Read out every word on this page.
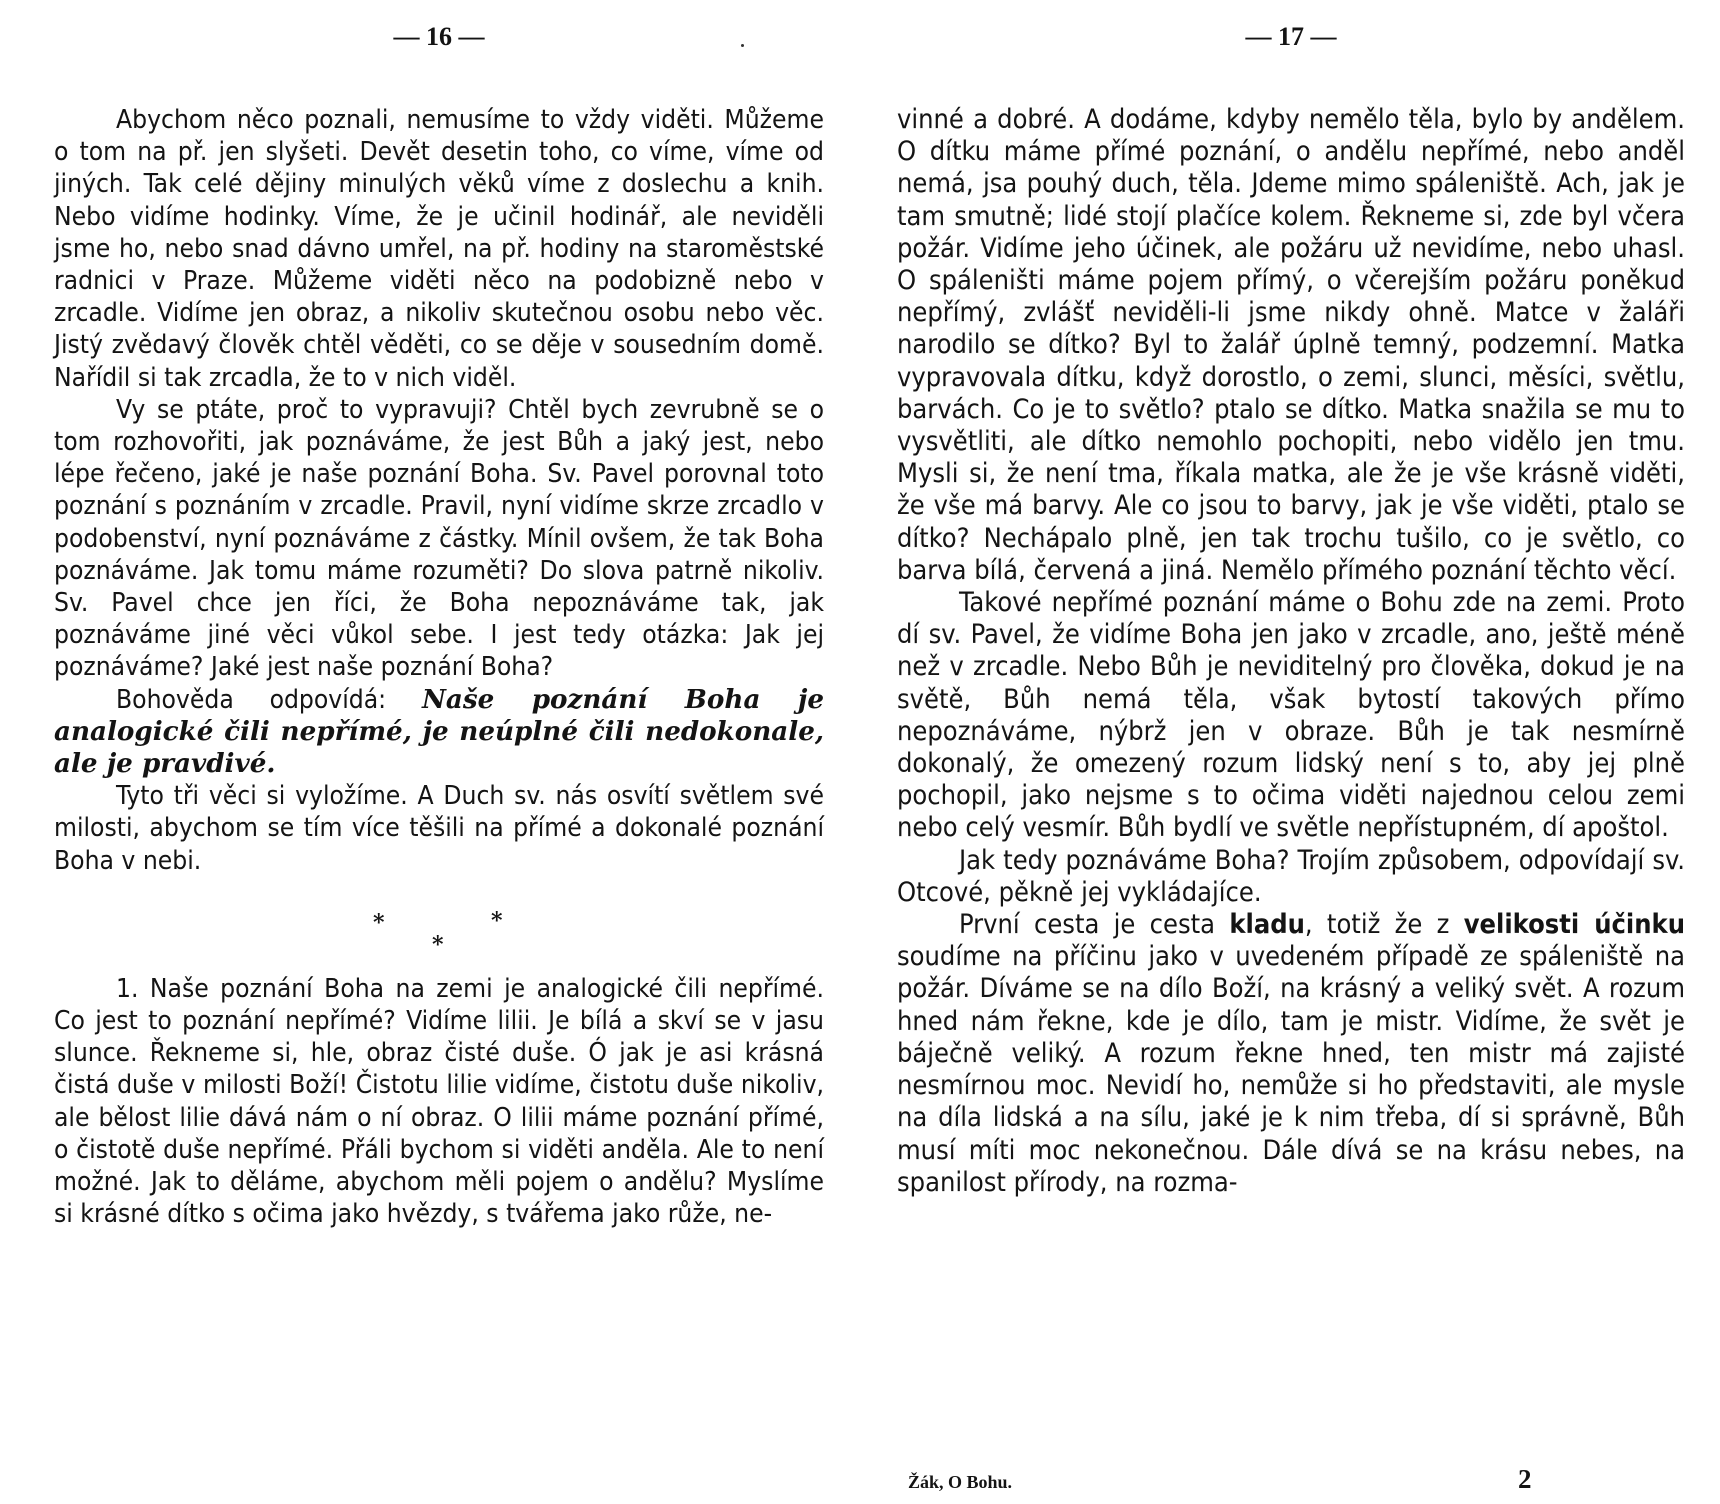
— 16 —

Abychom něco poznali, nemusíme to vždy viděti. Můžeme o tom na př. jen slyšeti. Devět desetin toho, co víme, víme od jiných. Tak celé dějiny minulých věků víme z doslechu a knih. Nebo vidíme hodinky. Víme, že je učinil hodinář, ale neviděli jsme ho, nebo snad dávno umřel, na př. hodiny na staroměstské radnici v Praze. Můžeme viděti něco na podobizně nebo v zrcadle. Vidíme jen obraz, a nikoliv skutečnou osobu nebo věc. Jistý zvědavý člověk chtěl věděti, co se děje v sousedním domě. Nařídil si tak zrcadla, že to v nich viděl.

Vy se ptáte, proč to vypravuji? Chtěl bych zevrubně se o tom rozhovořiti, jak poznáváme, že jest Bůh a jaký jest, nebo lépe řečeno, jaké je naše poznání Boha. Sv. Pavel porovnal toto poznání s poznáním v zrcadle. Pravil, nyní vidíme skrze zrcadlo v podobenství, nyní poznáváme z částky. Mínil ovšem, že tak Boha poznáváme. Jak tomu máme rozuměti? Do slova patrně nikoliv. Sv. Pavel chce jen říci, že Boha nepoznáváme tak, jak poznáváme jiné věci vůkol sebe. I jest tedy otázka: Jak jej poznáváme? Jaké jest naše poznání Boha?

Bohověda odpovídá: Naše poznání Boha je analogické čili nepřímé, je neúplné čili nedokonale, ale je pravdivé.

Tyto tři věci si vyložíme. A Duch sv. nás osvítí světlem své milosti, abychom se tím více těšili na přímé a dokonalé poznání Boha v nebi.

*	*
*

1. Naše poznání Boha na zemi je analogické čili nepřímé. Co jest to poznání nepřímé? Vidíme lilii. Je bílá a skví se v jasu slunce. Řekneme si, hle, obraz čisté duše. Ó jak je asi krásná čistá duše v milosti Boží! Čistotu lilie vidíme, čistotu duše nikoliv, ale bělost lilie dává nám o ní obraz. O lilii máme poznání přímé, o čistotě duše nepřímé. Přáli bychom si viděti anděla. Ale to není možné. Jak to děláme, abychom měli pojem o andělu? Myslíme si krásné dítko s očima jako hvězdy, s tvářema jako růže, ne-

— 17 —

vinné a dobré. A dodáme, kdyby nemělo těla, bylo by andělem. O dítku máme přímé poznání, o andělu nepřímé, nebo anděl nemá, jsa pouhý duch, těla. Jdeme mimo spáleniště. Ach, jak je tam smutně; lidé stojí plačíce kolem. Řekneme si, zde byl včera požár. Vidíme jeho účinek, ale požáru už nevidíme, nebo uhasl. O spáleništi máme pojem přímý, o včerejším požáru poněkud nepřímý, zvlášť neviděli-li jsme nikdy ohně. Matce v žaláři narodilo se dítko? Byl to žalář úplně temný, podzemní. Matka vypravovala dítku, když dorostlo, o zemi, slunci, měsíci, světlu, barvách. Co je to světlo? ptalo se dítko. Matka snažila se mu to vysvětliti, ale dítko nemohlo pochopiti, nebo vidělo jen tmu. Mysli si, že není tma, říkala matka, ale že je vše krásně viděti, že vše má barvy. Ale co jsou to barvy, jak je vše viděti, ptalo se dítko? Nechápalo plně, jen tak trochu tušilo, co je světlo, co barva bílá, červená a jiná. Nemělo přímého poznání těchto věcí.

Takové nepřímé poznání máme o Bohu zde na zemi. Proto dí sv. Pavel, že vidíme Boha jen jako v zrcadle, ano, ještě méně než v zrcadle. Nebo Bůh je neviditelný pro člověka, dokud je na světě, Bůh nemá těla, však bytostí takových přímo nepoznáváme, nýbrž jen v obraze. Bůh je tak nesmírně dokonalý, že omezený rozum lidský není s to, aby jej plně pochopil, jako nejsme s to očima viděti najednou celou zemi nebo celý vesmír. Bůh bydlí ve světle nepřístupném, dí apoštol.

Jak tedy poznáváme Boha? Trojím způsobem, odpovídají sv. Otcové, pěkně jej vykládajíce.

První cesta je cesta kladu, totiž že z velikosti účinku soudíme na příčinu jako v uvedeném případě ze spáleniště na požár. Díváme se na dílo Boží, na krásný a veliký svět. A rozum hned nám řekne, kde je dílo, tam je mistr. Vidíme, že svět je báječně veliký. A rozum řekne hned, ten mistr má zajisté nesmírnou moc. Nevidí ho, nemůže si ho představiti, ale mysle na díla lidská a na sílu, jaké je k nim třeba, dí si správně, Bůh musí míti moc nekonečnou. Dále dívá se na krásu nebes, na spanilost přírody, na rozma-

Žák, O Bohu.	2
